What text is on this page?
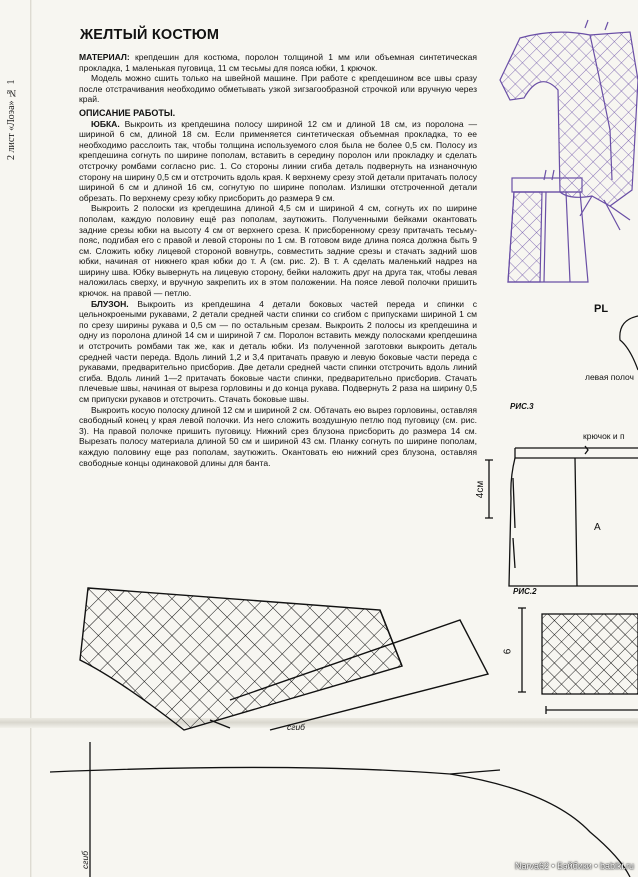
2 лист «Лоэа» № 1
ЖЕЛТЫЙ КОСТЮМ

МАТЕРИАЛ: крепдешин для костюма, поролон толщиной 1 мм или объемная синтетическая прокладка, 1 маленькая пуговица, 11 см тесьмы для пояса юбки, 1 крючок.

Модель можно сшить только на швейной машине. При работе с крепдешином все швы сразу после отстрачивания необходимо обметывать узкой зигзагообразной строчкой или вручную через край.

ОПИСАНИЕ РАБОТЫ.

ЮБКА. Выкроить из крепдешина полосу шириной 12 см и длиной 18 см, из поролона — шириной 6 см, длиной 18 см. Если применяется синтетическая объемная прокладка, то ее необходимо расслоить так, чтобы толщина используемого слоя была не более 0,5 см. Полосу из крепдешина согнуть по ширине пополам, вставить в середину поролон или прокладку и сделать отстрочку ромбами согласно рис. 1. Со стороны линии сгиба деталь подвернуть на изнаночную сторону на ширину 0,5 см и отстрочить вдоль края. К верхнему срезу этой детали притачать полосу шириной 6 см и длиной 16 см, согнутую по ширине пополам. Излишки отстроченной детали обрезать. По верхнему срезу юбку присборить до размера 9 см.

Выкроить 2 полоски из крепдешина длиной 4,5 см и шириной 4 см, согнуть их по ширине пополам, каждую половину ещё раз пополам, заутюжить. Полученными бейками окантовать задние срезы юбки на высоту 4 см от верхнего среза. К присборенному срезу притачать тесьму-пояс, подгибая его с правой и левой стороны по 1 см. В готовом виде длина пояса должна быть 9 см. Сложить юбку лицевой стороной вовнутрь, совместить задние срезы и стачать задний шов юбки, начиная от нижнего края юбки до т. А (см. рис. 2). В т. А сделать маленький надрез на ширину шва. Юбку вывернуть на лицевую сторону, бейки наложить друг на друга так, чтобы левая наложилась сверху, и вручную закрепить их в этом положении. На поясе левой полочки пришить крючок. на правой — петлю.

БЛУЗОН. Выкроить из крепдешина 4 детали боковых частей переда и спинки с цельнокроеными рукавами, 2 детали средней части спинки со сгибом с припусками шириной 1 см по срезу ширины рукава и 0,5 см — по остальным срезам. Выкроить 2 полосы из крепдешина и одну из поролона длиной 14 см и шириной 7 см. Поролон вставить между полосками крепдешина и отстрочить ромбами так же, как и деталь юбки. Из полученной заготовки выкроить деталь средней части переда. Вдоль линий 1,2 и 3,4 притачать правую и левую боковые части переда с рукавами, предварительно присборив. Две детали средней части спинки отстрочить вдоль линий сгиба. Вдоль линий 1—2 притачать боковые части спинки, предварительно присборив. Стачать плечевые швы, начиная от выреза горловины и до конца рукава. Подвернуть 2 раза на ширину 0,5 см припуски рукавов и отстрочить. Стачать боковые швы.

Выкроить косую полоску длиной 12 см и шириной 2 см. Обтачать ею вырез горловины, оставляя свободный конец у края левой полочки. Из него сложить воздушную петлю под пуговицу (см. рис. 3). На правой полочке пришить пуговицу. Нижний срез блузона присборить до размера 14 см. Вырезать полосу материала длиной 50 см и шириной 43 см. Планку согнуть по ширине пополам, каждую половину еще раз пополам, заутюжить. Окантовать ею нижний срез блузона, оставляя свободные концы одинаковой длины для банта.

PL
РИС.3
левая полоч
крючок и п
4см
А
РИС.2
6
сгиб
сгиб	Narva62 • Бэйбики • babiki.ru
